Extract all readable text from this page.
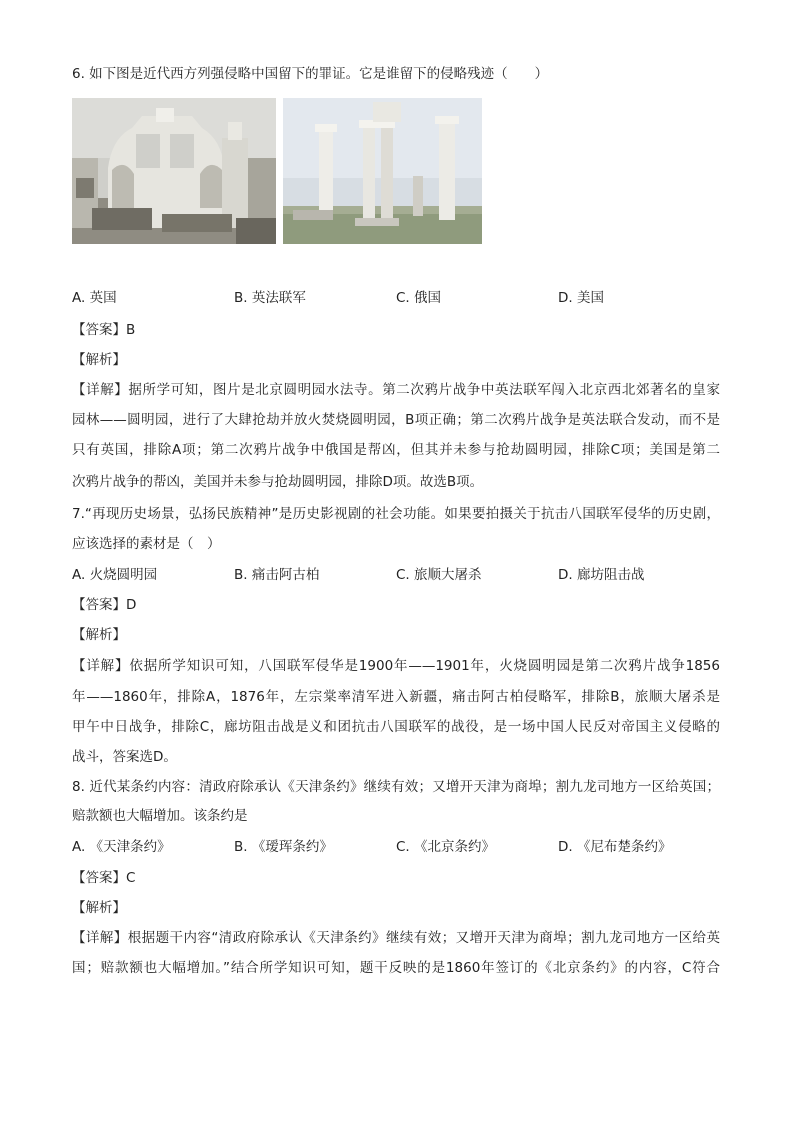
6. 如下图是近代西方列强侵略中国留下的罪证。它是谁留下的侵略残迹（　　）
A. 英国	B. 英法联军	C. 俄国	D. 美国
【答案】B
【解析】
【详解】据所学可知，图片是北京圆明园水法寺。第二次鸦片战争中英法联军闯入北京西北郊著名的皇家
园林——圆明园，进行了大肆抢劫并放火焚烧圆明园，B项正确；第二次鸦片战争是英法联合发动，而不是
只有英国，排除A项；第二次鸦片战争中俄国是帮凶，但其并未参与抢劫圆明园，排除C项；美国是第二
次鸦片战争的帮凶，美国并未参与抢劫圆明园，排除D项。故选B项。
7.“再现历史场景，弘扬民族精神”是历史影视剧的社会功能。如果要拍摄关于抗击八国联军侵华的历史剧，
应该选择的素材是（　）
A. 火烧圆明园	B. 痛击阿古柏	C. 旅顺大屠杀	D. 廊坊阻击战
【答案】D
【解析】
【详解】依据所学知识可知，八国联军侵华是1900年——1901年，火烧圆明园是第二次鸦片战争1856
年——1860年，排除A，1876年，左宗棠率清军进入新疆，痛击阿古柏侵略军，排除B，旅顺大屠杀是
甲午中日战争，排除C，廊坊阻击战是义和团抗击八国联军的战役，是一场中国人民反对帝国主义侵略的
战斗，答案选D。
8. 近代某条约内容：清政府除承认《天津条约》继续有效；又增开天津为商埠；割九龙司地方一区给英国；
赔款额也大幅增加。该条约是
A. 《天津条约》	B. 《瑷珲条约》	C. 《北京条约》	D. 《尼布楚条约》
【答案】C
【解析】
【详解】根据题干内容“清政府除承认《天津条约》继续有效；又增开天津为商埠；割九龙司地方一区给英
国；赔款额也大幅增加。”结合所学知识可知，题干反映的是1860年签订的《北京条约》的内容，C符合
